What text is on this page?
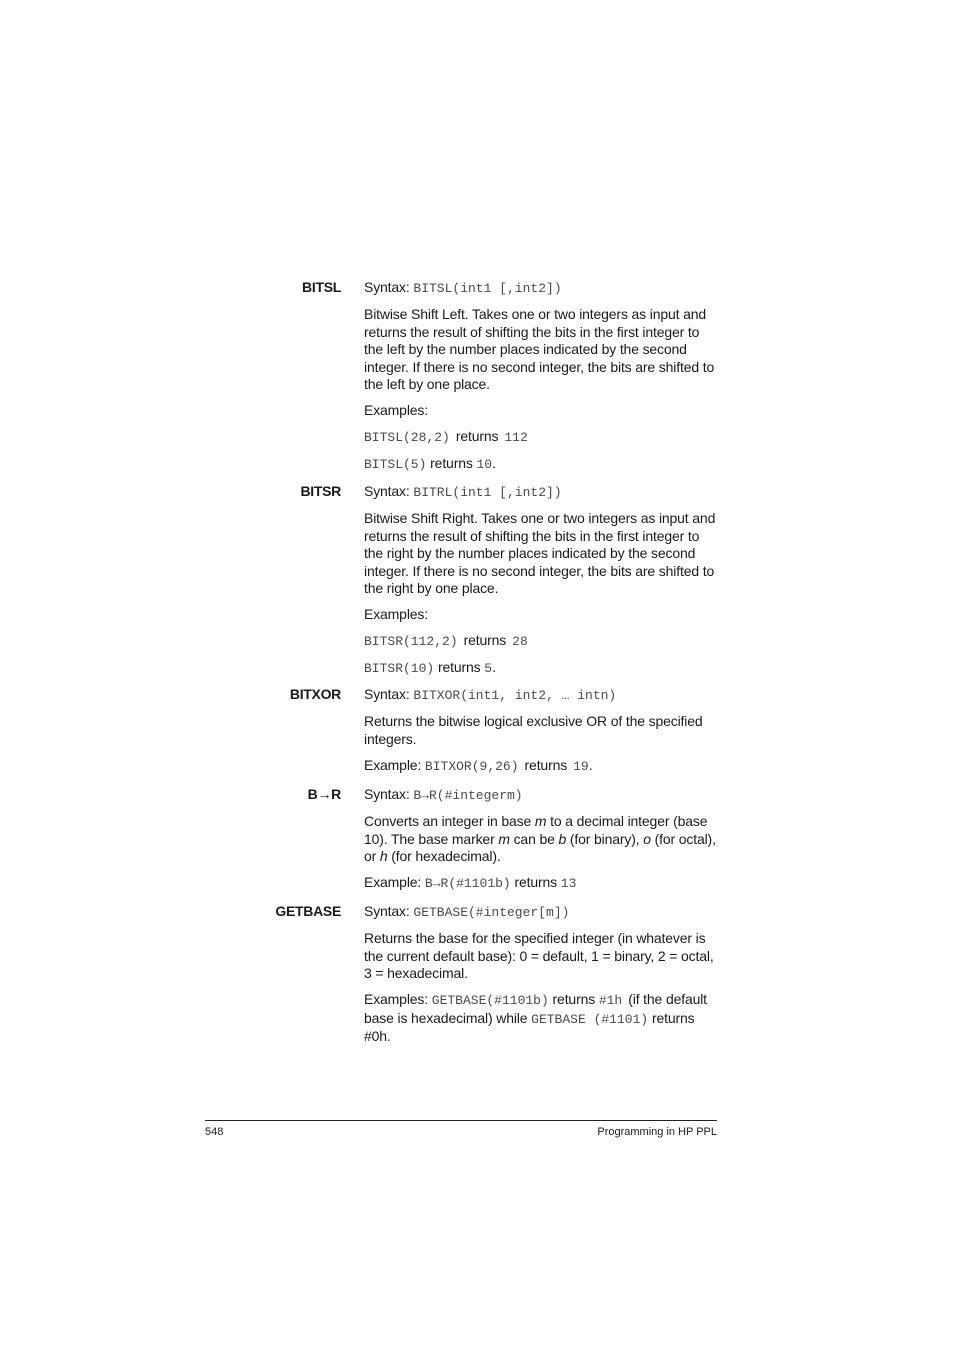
BITSL Syntax: BITSL(int1 [,int2])

Bitwise Shift Left. Takes one or two integers as input and returns the result of shifting the bits in the first integer to the left by the number places indicated by the second integer. If there is no second integer, the bits are shifted to the left by one place.

Examples:

BITSL(28,2) returns 112

BITSL(5) returns 10.

BITSR Syntax: BITRL(int1 [,int2])

Bitwise Shift Right. Takes one or two integers as input and returns the result of shifting the bits in the first integer to the right by the number places indicated by the second integer. If there is no second integer, the bits are shifted to the right by one place.

Examples:

BITSR(112,2) returns 28

BITSR(10) returns 5.

BITXOR Syntax: BITXOR(int1, int2, … intn)

Returns the bitwise logical exclusive OR of the specified integers.

Example: BITXOR(9,26) returns 19.

B→R Syntax: B→R(#integerm)

Converts an integer in base m to a decimal integer (base 10). The base marker m can be b (for binary), o (for octal), or h (for hexadecimal).

Example: B→R(#1101b) returns 13

GETBASE Syntax: GETBASE(#integer[m])

Returns the base for the specified integer (in whatever is the current default base): 0 = default, 1 = binary, 2 = octal, 3 = hexadecimal.

Examples: GETBASE(#1101b) returns #1h (if the default base is hexadecimal) while GETBASE (#1101) returns #0h.

548	Programming in HP PPL
